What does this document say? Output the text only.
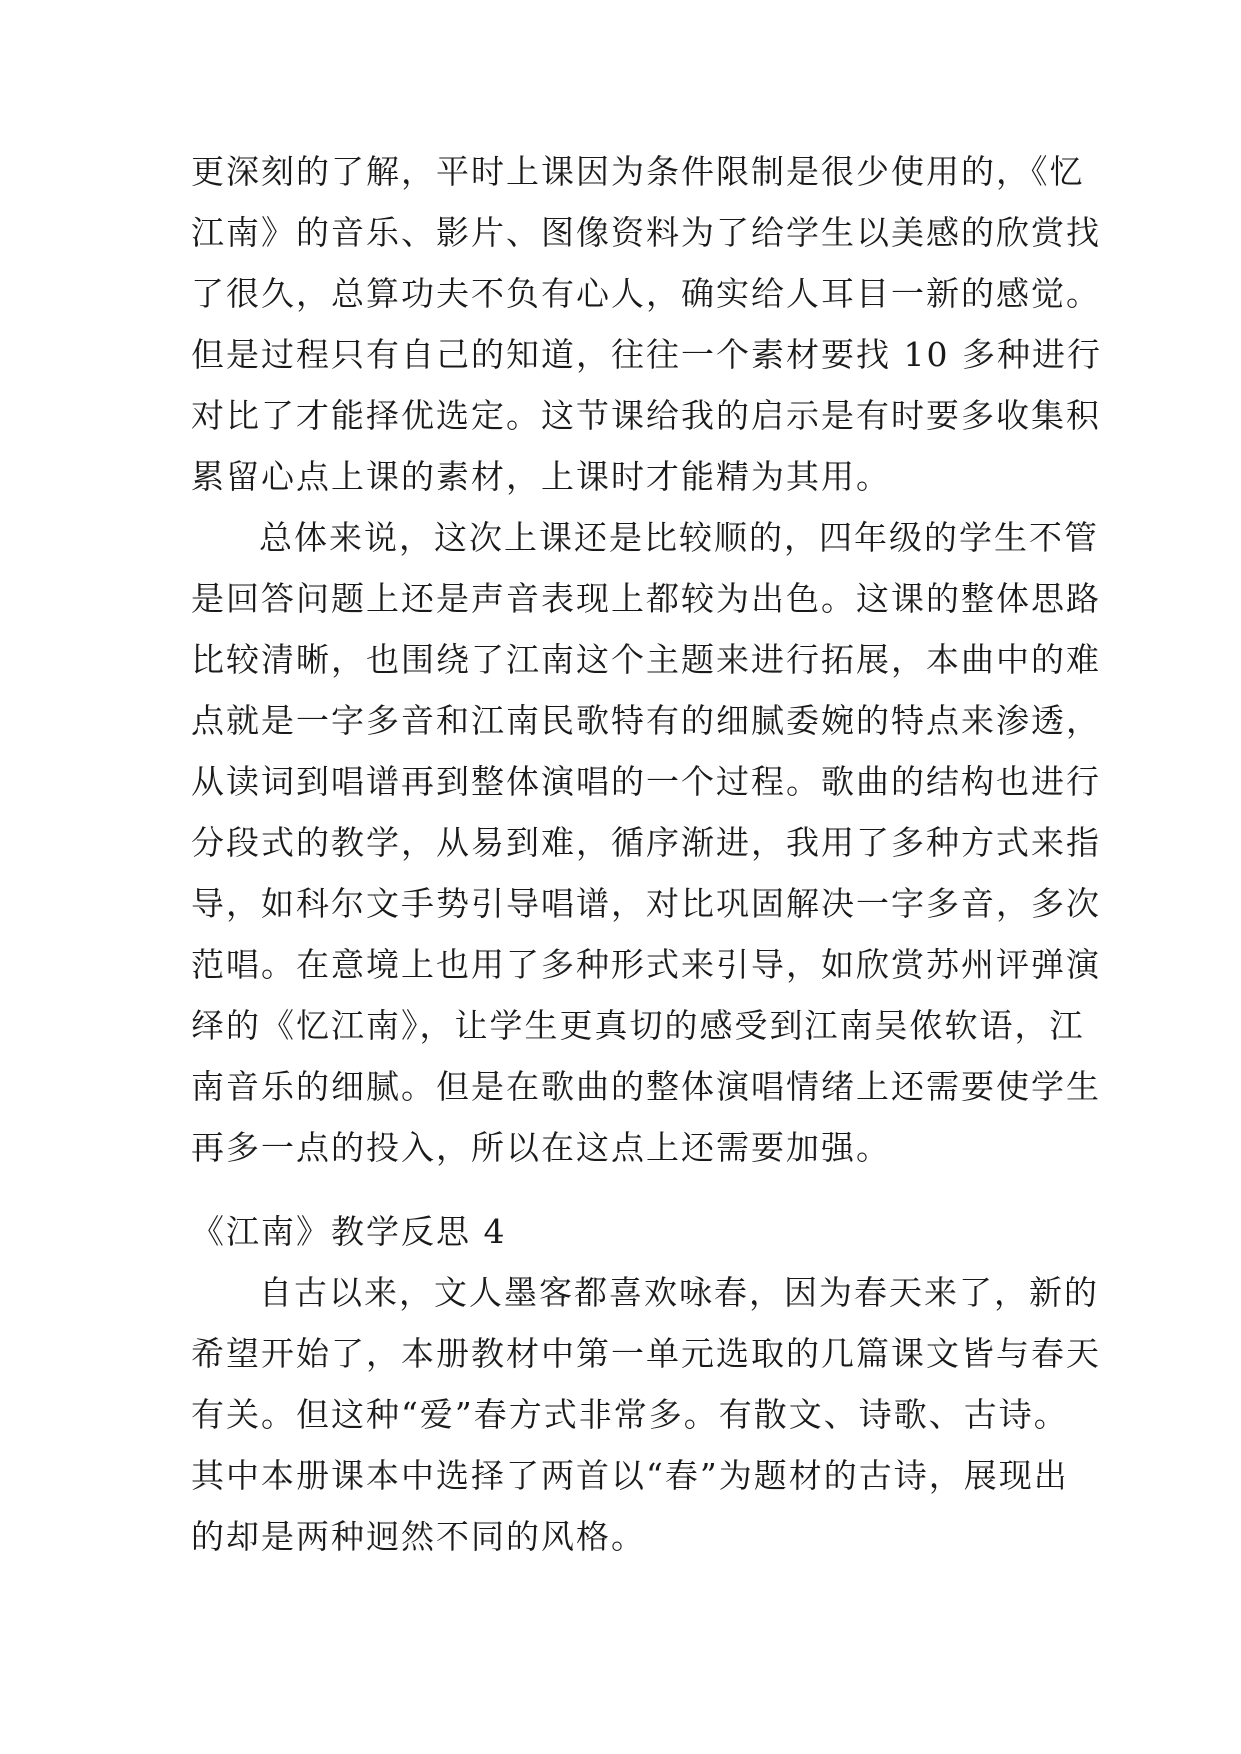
更深刻的了解，平时上课因为条件限制是很少使用的，《忆
江南》的音乐、影片、图像资料为了给学生以美感的欣赏找
了很久，总算功夫不负有心人，确实给人耳目一新的感觉。
但是过程只有自己的知道，往往一个素材要找 10 多种进行
对比了才能择优选定。这节课给我的启示是有时要多收集积
累留心点上课的素材，上课时才能精为其用。
总体来说，这次上课还是比较顺的，四年级的学生不管
是回答问题上还是声音表现上都较为出色。这课的整体思路
比较清晰，也围绕了江南这个主题来进行拓展，本曲中的难
点就是一字多音和江南民歌特有的细腻委婉的特点来渗透，
从读词到唱谱再到整体演唱的一个过程。歌曲的结构也进行
分段式的教学，从易到难，循序渐进，我用了多种方式来指
导，如科尔文手势引导唱谱，对比巩固解决一字多音，多次
范唱。在意境上也用了多种形式来引导，如欣赏苏州评弹演
绎的《忆江南》，让学生更真切的感受到江南吴侬软语，江
南音乐的细腻。但是在歌曲的整体演唱情绪上还需要使学生
再多一点的投入，所以在这点上还需要加强。
《江南》教学反思 4
自古以来，文人墨客都喜欢咏春，因为春天来了，新的
希望开始了，本册教材中第一单元选取的几篇课文皆与春天
有关。但这种“爱”春方式非常多。有散文、诗歌、古诗。
其中本册课本中选择了两首以“春”为题材的古诗，展现出
的却是两种迥然不同的风格。
